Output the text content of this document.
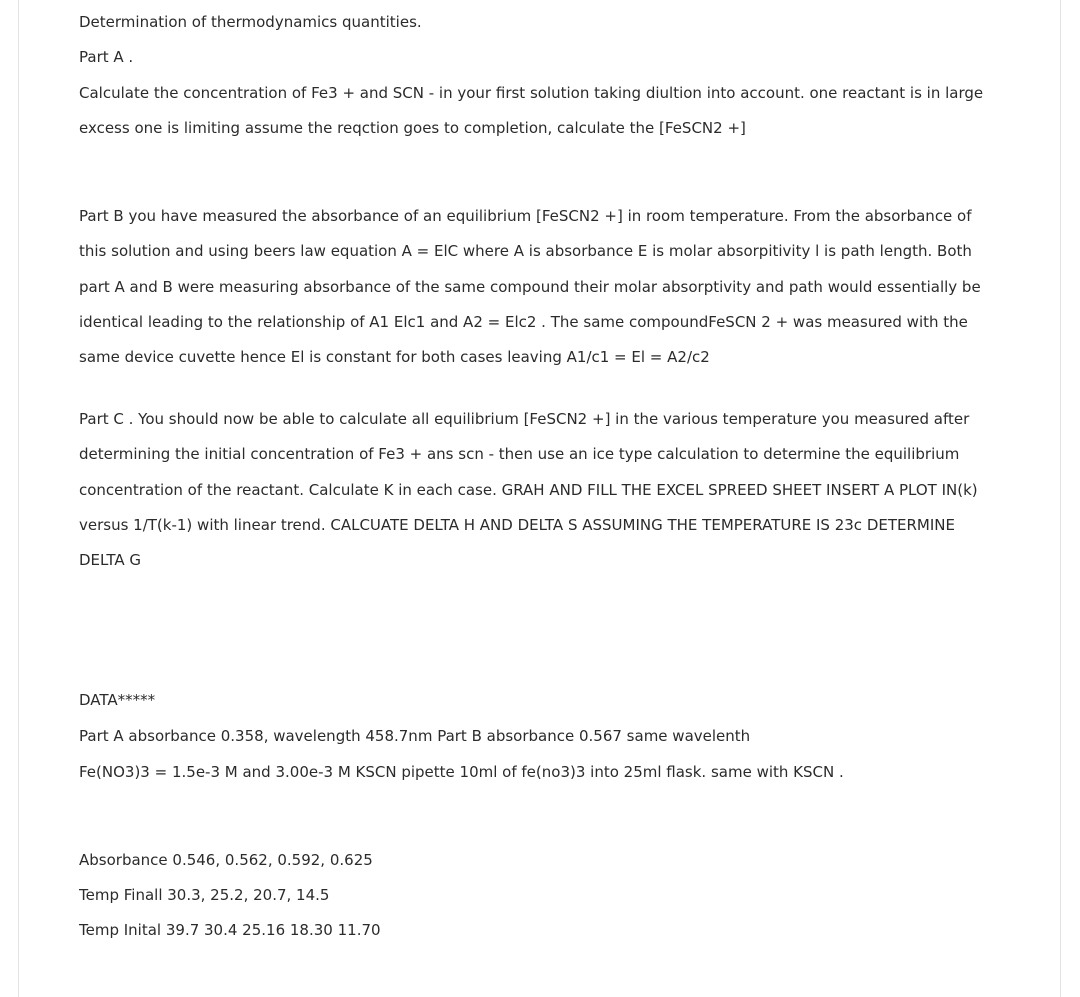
Determination of thermodynamics quantities.
Part A .
Calculate the concentration of Fe3 + and SCN - in your first solution taking diultion into account. one reactant is in large
excess one is limiting assume the reqction goes to completion, calculate the [FeSCN2 +]
Part B you have measured the absorbance of an equilibrium [FeSCN2 +] in room temperature. From the absorbance of
this solution and using beers law equation A = ElC where A is absorbance E is molar absorpitivity l is path length. Both
part A and B were measuring absorbance of the same compound their molar absorptivity and path would essentially be
identical leading to the relationship of A1 Elc1 and A2 = Elc2 . The same compoundFeSCN 2 + was measured with the
same device cuvette hence El is constant for both cases leaving A1/c1 = El = A2/c2
Part C . You should now be able to calculate all equilibrium [FeSCN2 +] in the various temperature you measured after
determining the initial concentration of Fe3 + ans scn - then use an ice type calculation to determine the equilibrium
concentration of the reactant. Calculate K in each case. GRAH AND FILL THE EXCEL SPREED SHEET INSERT A PLOT IN(k)
versus 1/T(k-1) with linear trend. CALCUATE DELTA H AND DELTA S ASSUMING THE TEMPERATURE IS 23c DETERMINE
DELTA G
DATA*****
Part A absorbance 0.358, wavelength 458.7nm Part B absorbance 0.567 same wavelenth
Fe(NO3)3 = 1.5e-3 M and 3.00e-3 M KSCN pipette 10ml of fe(no3)3 into 25ml flask. same with KSCN .
Absorbance 0.546, 0.562, 0.592, 0.625
Temp Finall 30.3, 25.2, 20.7, 14.5
Temp Inital 39.7 30.4 25.16 18.30 11.70
